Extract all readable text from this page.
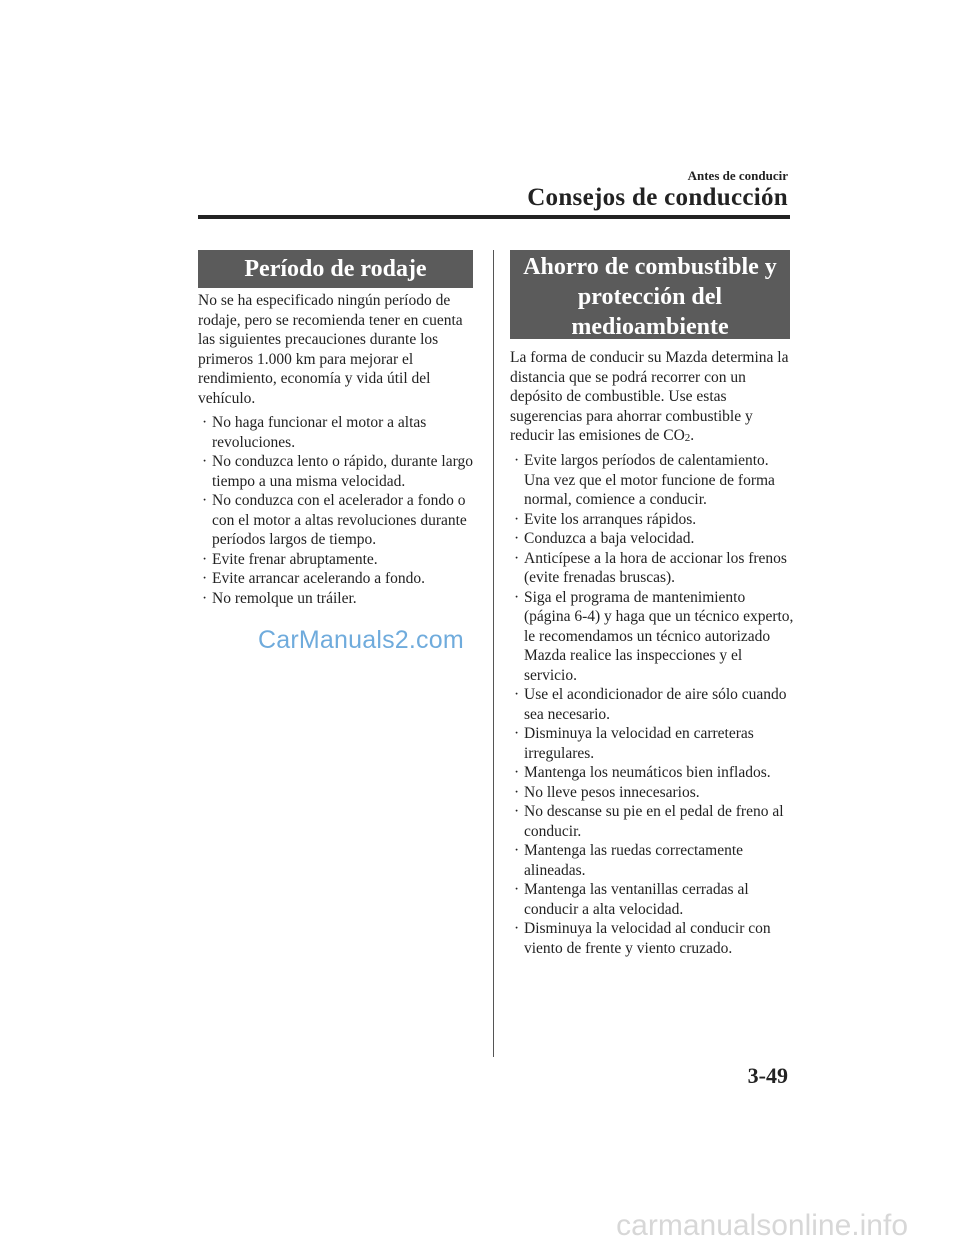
Antes de conducir
Consejos de conducción
Período de rodaje

No se ha especificado ningún período de rodaje, pero se recomienda tener en cuenta las siguientes precauciones durante los primeros 1.000 km para mejorar el rendimiento, economía y vida útil del vehículo.

· No haga funcionar el motor a altas revoluciones.
· No conduzca lento o rápido, durante largo tiempo a una misma velocidad.
· No conduzca con el acelerador a fondo o con el motor a altas revoluciones durante períodos largos de tiempo.
· Evite frenar abruptamente.
· Evite arrancar acelerando a fondo.
· No remolque un tráiler.
CarManuals2.com
Ahorro de combustible y
protección del
medioambiente

La forma de conducir su Mazda determina la distancia que se podrá recorrer con un depósito de combustible. Use estas sugerencias para ahorrar combustible y reducir las emisiones de $CO_2$.

· Evite largos períodos de calentamiento. Una vez que el motor funcione de forma normal, comience a conducir.
· Evite los arranques rápidos.
· Conduzca a baja velocidad.
· Anticípese a la hora de accionar los frenos (evite frenadas bruscas).
· Siga el programa de mantenimiento (página 6-4) y haga que un técnico experto, le recomendamos un técnico autorizado Mazda realice las inspecciones y el servicio.
· Use el acondicionador de aire sólo cuando sea necesario.
· Disminuya la velocidad en carreteras irregulares.
· Mantenga los neumáticos bien inflados.
· No lleve pesos innecesarios.
· No descanse su pie en el pedal de freno al conducir.
· Mantenga las ruedas correctamente alineadas.
· Mantenga las ventanillas cerradas al conducir a alta velocidad.
· Disminuya la velocidad al conducir con viento de frente y viento cruzado.
3-49
carmanualsonline.info
